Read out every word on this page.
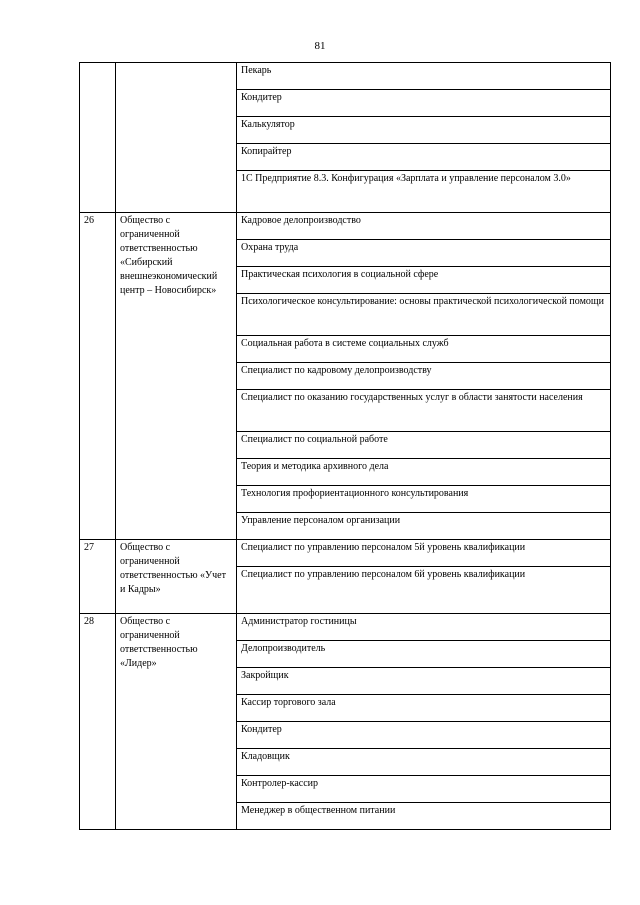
81
		Пекарь
		Кондитер
		Калькулятор
		Копирайтер
		1С Предприятие 8.3. Конфигурация «Зарплата и управление персоналом 3.0»
26	Общество с ограниченной ответственностью «Сибирский внешнеэкономический центр – Новосибирск»	Кадровое делопроизводство
		Охрана труда
		Практическая психология в социальной сфере
		Психологическое консультирование: основы практической психологической помощи
		Социальная работа в системе социальных служб
		Специалист по кадровому делопроизводству
		Специалист по оказанию государственных услуг в области занятости населения
		Специалист по социальной работе
		Теория и методика архивного дела
		Технология профориентационного консультирования
		Управление персоналом организации
27	Общество с ограниченной ответственностью «Учет и Кадры»	Специалист по управлению персоналом 5й уровень квалификации
		Специалист по управлению персоналом 6й уровень квалификации
28	Общество с ограниченной ответственностью «Лидер»	Администратор гостиницы
		Делопроизводитель
		Закройщик
		Кассир торгового зала
		Кондитер
		Кладовщик
		Контролер-кассир
		Менеджер в общественном питании
